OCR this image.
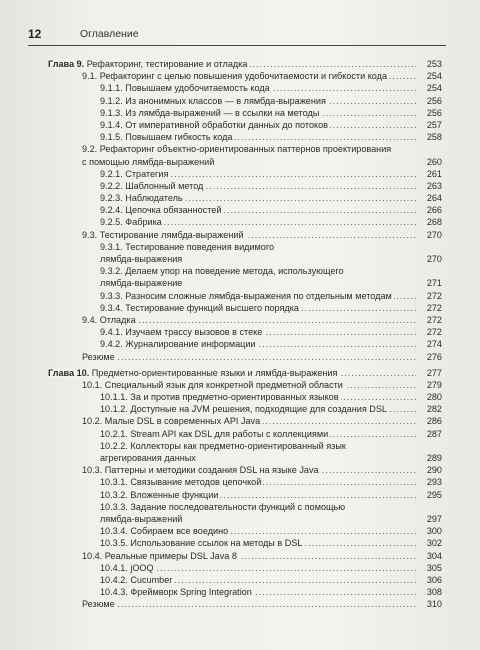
12	Оглавление
Глава 9. Рефакторинг, тестирование и отладка .....	253
9.1. Рефакторинг с целью повышения удобочитаемости и гибкости кода .....	254
9.1.1. Повышаем удобочитаемость кода .....	254
9.1.2. Из анонимных классов — в лямбда-выражения .....	256
9.1.3. Из лямбда-выражений — в ссылки на методы .....	256
9.1.4. От императивной обработки данных до потоков .....	257
9.1.5. Повышаем гибкость кода .....	258
9.2. Рефакторинг объектно-ориентированных паттернов проектирования
с помощью лямбда-выражений	260
9.2.1. Стратегия .....	261
9.2.2. Шаблонный метод .....	263
9.2.3. Наблюдатель .....	264
9.2.4. Цепочка обязанностей .....	266
9.2.5. Фабрика .....	268
9.3. Тестирование лямбда-выражений .....	270
9.3.1. Тестирование поведения видимого
лямбда-выражения	270
9.3.2. Делаем упор на поведение метода, использующего
лямбда-выражение	271
9.3.3. Разносим сложные лямбда-выражения по отдельным методам .....	272
9.3.4. Тестирование функций высшего порядка .....	272
9.4. Отладка .....	272
9.4.1. Изучаем трассу вызовов в стеке .....	272
9.4.2. Журналирование информации .....	274
Резюме .....	276
Глава 10. Предметно-ориентированные языки и лямбда-выражения .....	277
10.1. Специальный язык для конкретной предметной области .....	279
10.1.1. За и против предметно-ориентированных языков .....	280
10.1.2. Доступные на JVM решения, подходящие для создания DSL .....	282
10.2. Малые DSL в современных API Java .....	286
10.2.1. Stream API как DSL для работы с коллекциями .....	287
10.2.2. Коллекторы как предметно-ориентированный язык
агрегирования данных	289
10.3. Паттерны и методики создания DSL на языке Java .....	290
10.3.1. Связывание методов цепочкой .....	293
10.3.2. Вложенные функции .....	295
10.3.3. Задание последовательности функций с помощью
лямбда-выражений	297
10.3.4. Собираем все воедино .....	300
10.3.5. Использование ссылок на методы в DSL .....	302
10.4. Реальные примеры DSL Java 8 .....	304
10.4.1. jOOQ .....	305
10.4.2. Cucumber .....	306
10.4.3. Фреймворк Spring Integration .....	308
Резюме .....	310
